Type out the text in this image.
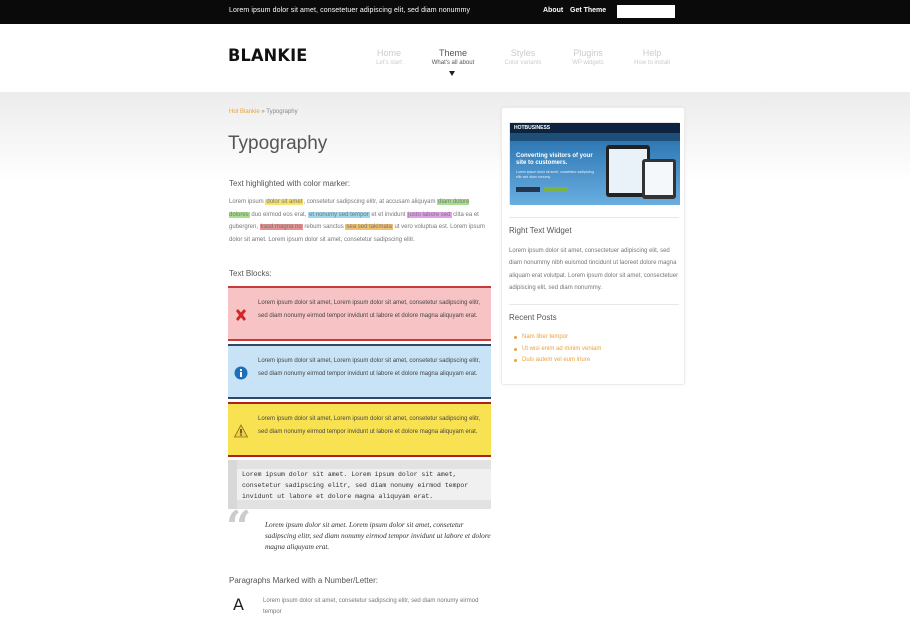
Lorem ipsum dolor sit amet, consetetuer adipiscing elit, sed diam nonummy	About Get Theme
BLANKIE	Home
Let's start
Theme
What's all about
Styles
Color variants
Plugins
WP widgets
Help
How to install
Hot Blankie » Typography
Typography
Text highlighted with color marker:

Lorem ipsum dolor sit amet, consetetur sadipscing elitr, at accusam aliquyam diam dolore dolores duo eirmod eos erat, et nonumy sed tempor et et invidunt justo labore sed clita ea et gubergren, kasd magna no rebum sanctus sea sed takimata ut vero voluptua est. Lorem ipsum dolor sit amet. Lorem ipsum dolor sit amet, consetetur sadipscing elitr.

Text Blocks:
Lorem ipsum dolor sit amet, Lorem ipsum dolor sit amet, consetetur sadipscing elitr, sed diam nonumy eirmod tempor invidunt ut labore et dolore magna aliquyam erat.
Lorem ipsum dolor sit amet, Lorem ipsum dolor sit amet, consetetur sadipscing elitr, sed diam nonumy eirmod tempor invidunt ut labore et dolore magna aliquyam erat.
Lorem ipsum dolor sit amet, Lorem ipsum dolor sit amet, consetetur sadipscing elitr, sed diam nonumy eirmod tempor invidunt ut labore et dolore magna aliquyam erat.
Lorem ipsum dolor sit amet. Lorem ipsum dolor sit amet,
consetetur sadipscing elitr, sed diam nonumy eirmod tempor
invidunt ut labore et dolore magna aliquyam erat.
“ Lorem ipsum dolor sit amet. Lorem ipsum dolor sit amet, consetetur sadipscing elitr, sed diam nonumy eirmod tempor invidunt ut labore et dolore magna aliquyam erat.
Paragraphs Marked with a Number/Letter:
A	Lorem ipsum dolor sit amet, consetetur sadipscing elitr, sed diam nonumy eirmod tempor
HOTBUSINESS
Converting visitors of your site to customers.
Lorem ipsum dolor sit amet, consetetur sadipscing elitr sed diam nonumy
Right Text Widget
Lorem ipsum dolor sit amet, consectetuer adipiscing elit, sed diam nonummy nibh euismod tincidunt ut laoreet dolore magna aliquam erat volutpat. Lorem ipsum dolor sit amet, consectetuer adipiscing elit, sed diam nonummy.
Recent Posts
Nam liber tempor
Ut wisi enim ad minim veniam
Duis autem vel eum iriure
